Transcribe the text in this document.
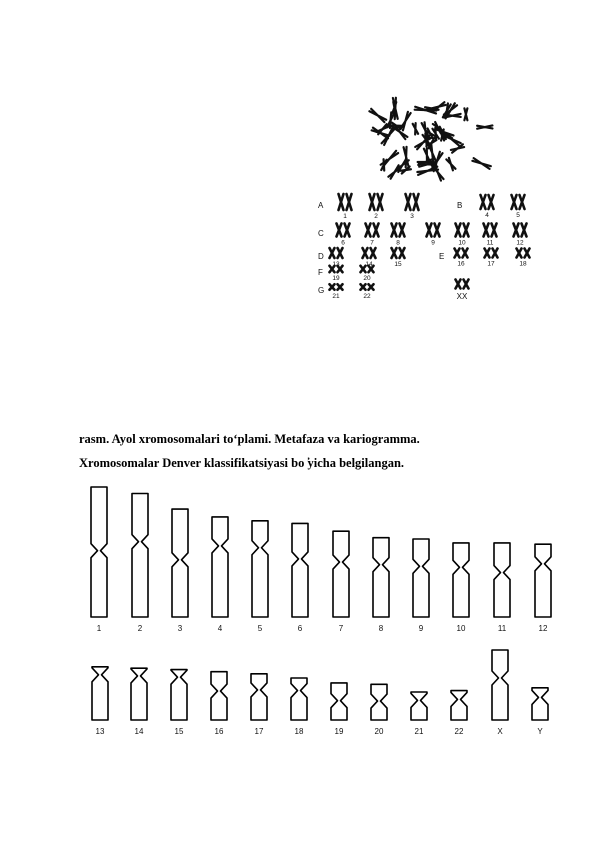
A
1	2	3
B
4	5
C
6	7	8	9	10	11	12
D
13	14	15
E
16	17	18
F
19	20
G
21	22	XX
rasm. Ayol xromosomalari to‘plami. Metafaza va kariogramma.
Xromosomalar Denver klassifikatsiyasi bo ̕yicha belgilangan.
1	2	3	4	5	6	7	8	9	10	11	12
13	14	15	16	17	18	19	20	21	22	X	Y
